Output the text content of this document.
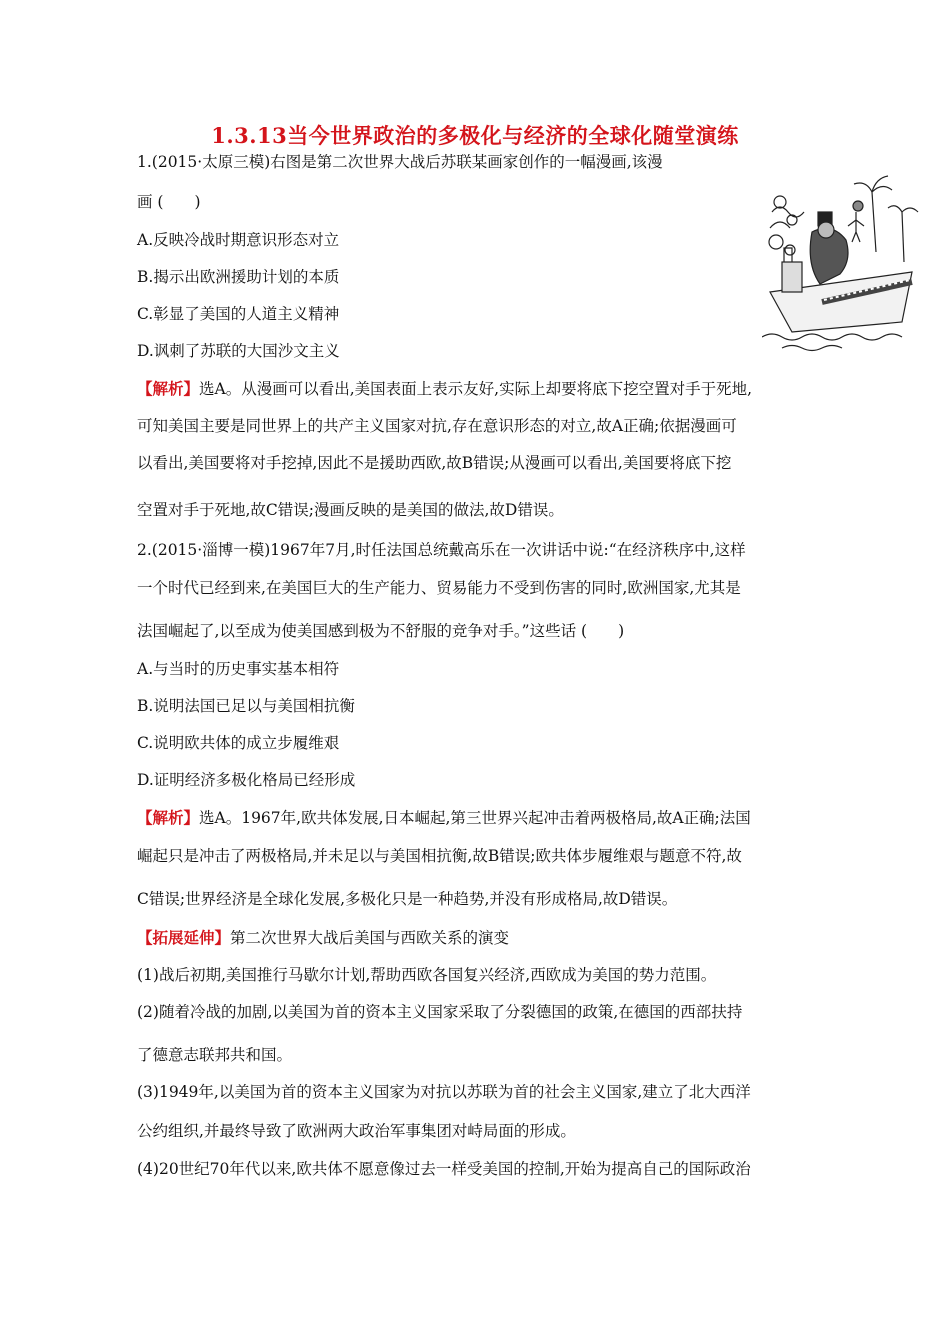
1.3.13当今世界政治的多极化与经济的全球化随堂演练
1.(2015·太原三模)右图是第二次世界大战后苏联某画家创作的一幅漫画,该漫
画 (　　)
A.反映冷战时期意识形态对立
B.揭示出欧洲援助计划的本质
C.彰显了美国的人道主义精神
D.讽刺了苏联的大国沙文主义
【解析】选A。从漫画可以看出,美国表面上表示友好,实际上却要将底下挖空置对手于死地,
可知美国主要是同世界上的共产主义国家对抗,存在意识形态的对立,故A正确;依据漫画可
以看出,美国要将对手挖掉,因此不是援助西欧,故B错误;从漫画可以看出,美国要将底下挖
空置对手于死地,故C错误;漫画反映的是美国的做法,故D错误。
2.(2015·淄博一模)1967年7月,时任法国总统戴高乐在一次讲话中说:“在经济秩序中,这样
一个时代已经到来,在美国巨大的生产能力、贸易能力不受到伤害的同时,欧洲国家,尤其是
法国崛起了,以至成为使美国感到极为不舒服的竞争对手。”这些话 (　　)
A.与当时的历史事实基本相符
B.说明法国已足以与美国相抗衡
C.说明欧共体的成立步履维艰
D.证明经济多极化格局已经形成
【解析】选A。1967年,欧共体发展,日本崛起,第三世界兴起冲击着两极格局,故A正确;法国
崛起只是冲击了两极格局,并未足以与美国相抗衡,故B错误;欧共体步履维艰与题意不符,故
C错误;世界经济是全球化发展,多极化只是一种趋势,并没有形成格局,故D错误。
【拓展延伸】第二次世界大战后美国与西欧关系的演变
(1)战后初期,美国推行马歇尔计划,帮助西欧各国复兴经济,西欧成为美国的势力范围。
(2)随着冷战的加剧,以美国为首的资本主义国家采取了分裂德国的政策,在德国的西部扶持
了德意志联邦共和国。
(3)1949年,以美国为首的资本主义国家为对抗以苏联为首的社会主义国家,建立了北大西洋
公约组织,并最终导致了欧洲两大政治军事集团对峙局面的形成。
(4)20世纪70年代以来,欧共体不愿意像过去一样受美国的控制,开始为提高自己的国际政治
